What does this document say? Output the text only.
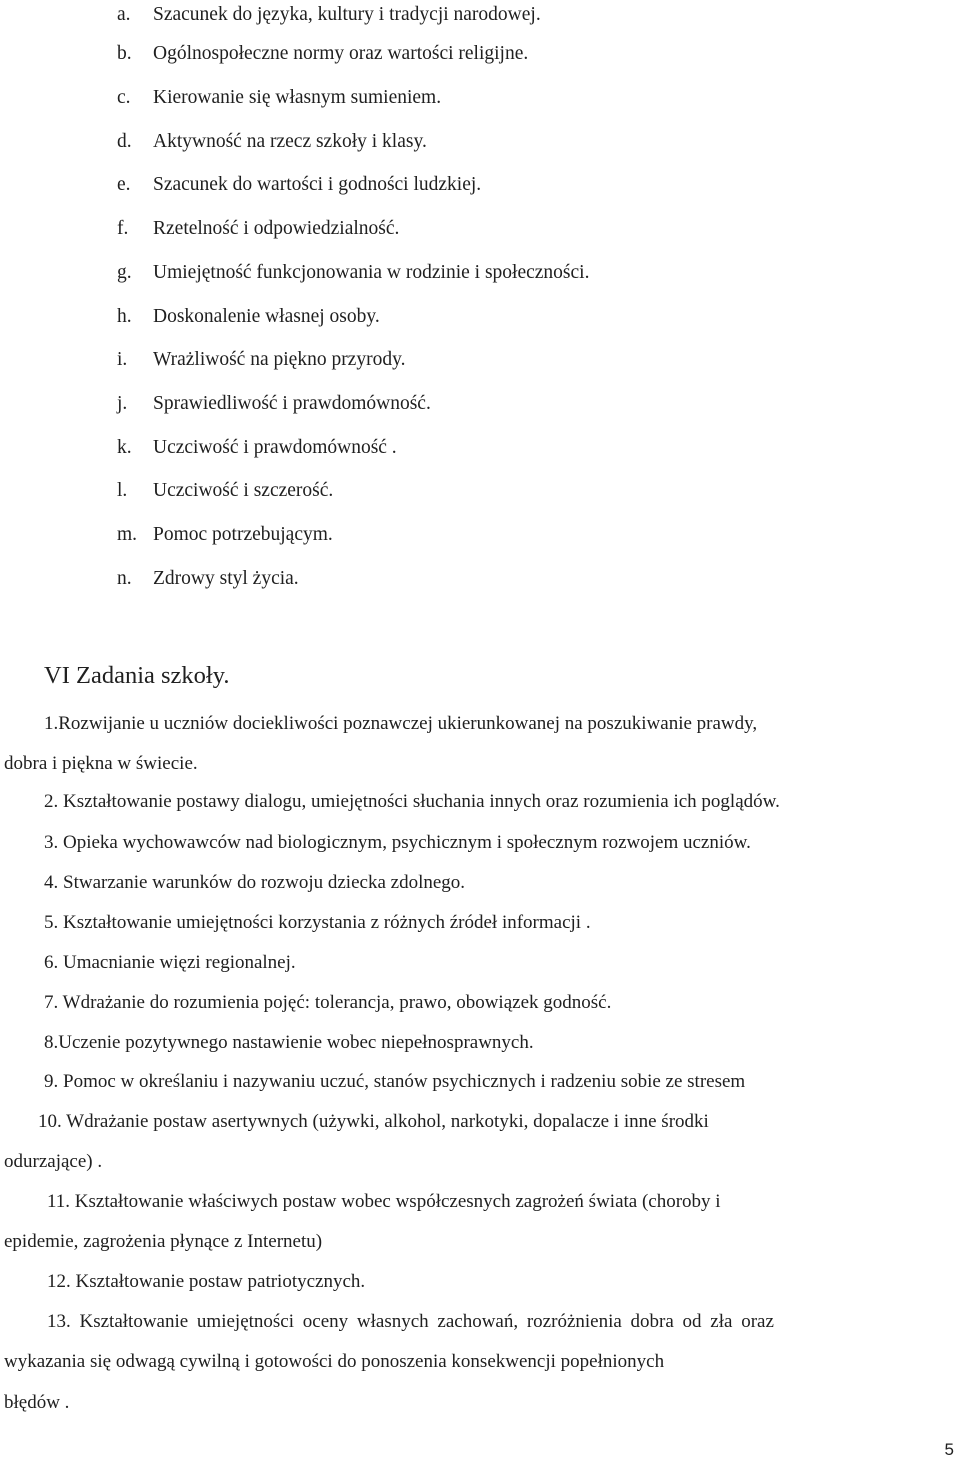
a.	Szacunek do języka, kultury i tradycji narodowej.
b.	Ogólnospołeczne normy oraz wartości religijne.
c.	Kierowanie się własnym sumieniem.
d.	Aktywność na rzecz szkoły i klasy.
e.	Szacunek do wartości i godności ludzkiej.
f.	Rzetelność i odpowiedzialność.
g.	Umiejętność funkcjonowania w rodzinie i społeczności.
h.	Doskonalenie własnej osoby.
i.	Wrażliwość na piękno przyrody.
j.	Sprawiedliwość i prawdomówność.
k.	Uczciwość i prawdomówność .
l.	Uczciwość i szczerość.
m. Pomoc potrzebującym.
n.	Zdrowy styl życia.
VI Zadania szkoły.
1.Rozwijanie u uczniów dociekliwości poznawczej ukierunkowanej na poszukiwanie prawdy,
dobra i piękna w świecie.
2. Kształtowanie postawy dialogu, umiejętności słuchania innych oraz rozumienia ich poglądów.
3. Opieka wychowawców nad biologicznym, psychicznym i społecznym rozwojem uczniów.
4. Stwarzanie warunków do rozwoju dziecka zdolnego.
5. Kształtowanie umiejętności korzystania z różnych źródeł informacji .
6. Umacnianie więzi regionalnej.
7. Wdrażanie do rozumienia pojęć: tolerancja, prawo, obowiązek godność.
8.Uczenie pozytywnego nastawienie wobec niepełnosprawnych.
9. Pomoc w określaniu i nazywaniu uczuć, stanów psychicznych i radzeniu sobie ze stresem
10. Wdrażanie postaw asertywnych (używki, alkohol, narkotyki, dopalacze i inne środki
odurzające) .
11. Kształtowanie właściwych postaw wobec współczesnych zagrożeń świata (choroby i
epidemie, zagrożenia płynące z Internetu)
12. Kształtowanie postaw patriotycznych.
13. Kształtowanie umiejętności oceny własnych zachowań, rozróżnienia dobra od zła oraz
wykazania się odwagą cywilną i gotowości do ponoszenia konsekwencji popełnionych
błędów .
5
